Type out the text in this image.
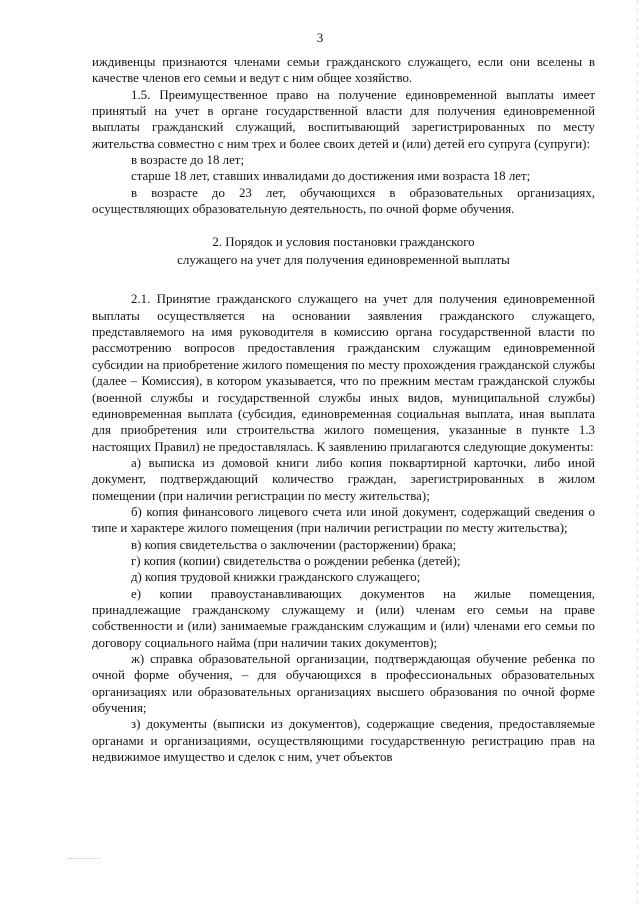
3

иждивенцы признаются членами семьи гражданского служащего, если они вселены в качестве членов его семьи и ведут с ним общее хозяйство.

1.5. Преимущественное право на получение единовременной выплаты имеет принятый на учет в органе государственной власти для получения единовременной выплаты гражданский служащий, воспитывающий зарегистрированных по месту жительства совместно с ним трех и более своих детей и (или) детей его супруга (супруги):

в возрасте до 18 лет;

старше 18 лет, ставших инвалидами до достижения ими возраста 18 лет;

в возрасте до 23 лет, обучающихся в образовательных организациях, осуществляющих образовательную деятельность, по очной форме обучения.

2. Порядок и условия постановки гражданского

служащего на учет для получения единовременной выплаты

2.1. Принятие гражданского служащего на учет для получения единовременной выплаты осуществляется на основании заявления гражданского служащего, представляемого на имя руководителя в комиссию органа государственной власти по рассмотрению вопросов предоставления гражданским служащим единовременной субсидии на приобретение жилого помещения по месту прохождения гражданской службы (далее – Комиссия), в котором указывается, что по прежним местам гражданской службы (военной службы и государственной службы иных видов, муниципальной службы) единовременная выплата (субсидия, единовременная социальная выплата, иная выплата для приобретения или строительства жилого помещения, указанные в пункте 1.3 настоящих Правил) не предоставлялась. К заявлению прилагаются следующие документы:

а) выписка из домовой книги либо копия поквартирной карточки, либо иной документ, подтверждающий количество граждан, зарегистрированных в жилом помещении (при наличии регистрации по месту жительства);

б) копия финансового лицевого счета или иной документ, содержащий сведения о типе и характере жилого помещения (при наличии регистрации по месту жительства);

в) копия свидетельства о заключении (расторжении) брака;

г) копия (копии) свидетельства о рождении ребенка (детей);

д) копия трудовой книжки гражданского служащего;

е) копии правоустанавливающих документов на жилые помещения, принадлежащие гражданскому служащему и (или) членам его семьи на праве собственности и (или) занимаемые гражданским служащим и (или) членами его семьи по договору социального найма (при наличии таких документов);

ж) справка образовательной организации, подтверждающая обучение ребенка по очной форме обучения, – для обучающихся в профессиональных образовательных организациях или образовательных организациях высшего образования по очной форме обучения;

з) документы (выписки из документов), содержащие сведения, предоставляемые органами и организациями, осуществляющими государственную регистрацию прав на недвижимое имущество и сделок с ним, учет объектов
